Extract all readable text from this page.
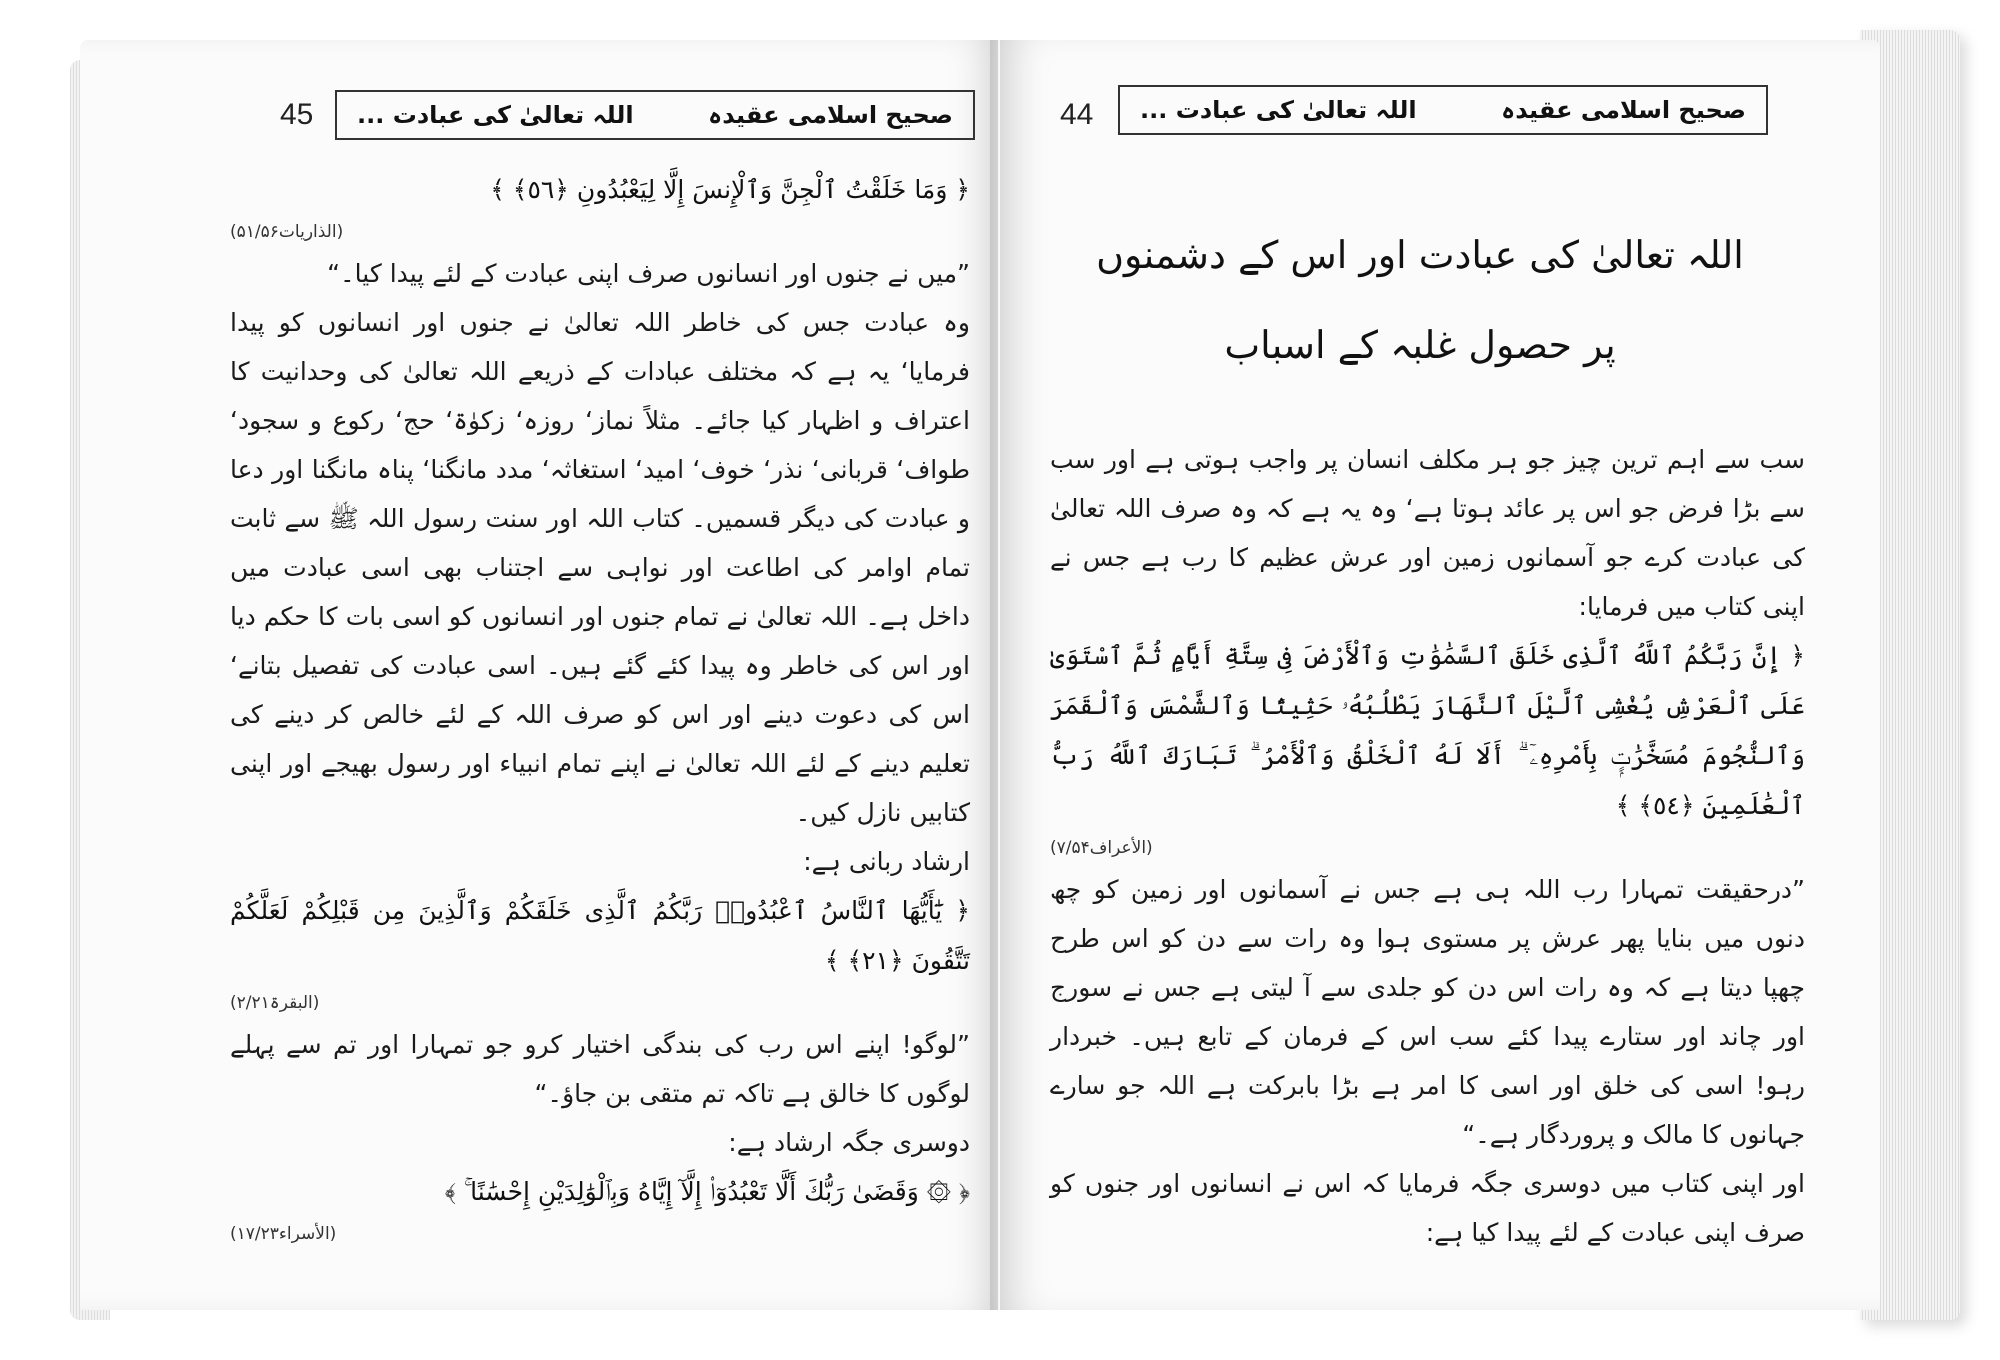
45 اللہ تعالیٰ کی عبادت ...	صحیح اسلامی عقیدہ

﴿ وَمَا خَلَقْتُ ٱلْجِنَّ وَٱلْإِنسَ إِلَّا لِيَعْبُدُونِ ﴿٥٦﴾ ﴾

(الذاریات۵۱/۵۶)

”میں نے جنوں اور انسانوں صرف اپنی عبادت کے لئے پیدا کیا۔“

وہ عبادت جس کی خاطر اللہ تعالیٰ نے جنوں اور انسانوں کو پیدا فرمایا‘ یہ ہے کہ مختلف عبادات کے ذریعے اللہ تعالیٰ کی وحدانیت کا اعتراف و اظہار کیا جائے۔ مثلاً نماز‘ روزہ‘ زکوٰۃ‘ حج‘ رکوع و سجود‘ طواف‘ قربانی‘ نذر‘ خوف‘ امید‘ استغاثہ‘ مدد مانگنا‘ پناہ مانگنا اور دعا و عبادت کی دیگر قسمیں۔ کتاب اللہ اور سنت رسول اللہ ﷺ سے ثابت تمام اوامر کی اطاعت اور نواہی سے اجتناب بھی اسی عبادت میں داخل ہے۔ اللہ تعالیٰ نے تمام جنوں اور انسانوں کو اسی بات کا حکم دیا اور اس کی خاطر وہ پیدا کئے گئے ہیں۔ اسی عبادت کی تفصیل بتانے‘ اس کی دعوت دینے اور اس کو صرف اللہ کے لئے خالص کر دینے کی تعلیم دینے کے لئے اللہ تعالیٰ نے اپنے تمام انبیاء اور رسول بھیجے اور اپنی کتابیں نازل کیں۔

ارشاد ربانی ہے:

﴿ يَٰٓأَيُّهَا ٱلنَّاسُ ٱعْبُدُوا۟ رَبَّكُمُ ٱلَّذِى خَلَقَكُمْ وَٱلَّذِينَ مِن قَبْلِكُمْ لَعَلَّكُمْ تَتَّقُونَ ﴿٢١﴾ ﴾

(البقرۃ۲/۲۱)

”لوگو! اپنے اس رب کی بندگی اختیار کرو جو تمہارا اور تم سے پہلے لوگوں کا خالق ہے تاکہ تم متقی بن جاؤ۔“

دوسری جگہ ارشاد ہے:

﴿ ۞ وَقَضَىٰ رَبُّكَ أَلَّا تَعْبُدُوٓا۟ إِلَّآ إِيَّاهُ وَبِٱلْوَٰلِدَيْنِ إِحْسَٰنًا ۚ ﴾

(الأسراء۱۷/۲۳)

44 اللہ تعالیٰ کی عبادت ...	صحیح اسلامی عقیدہ
اللہ تعالیٰ کی عبادت اور اس کے دشمنوں
پر حصول غلبہ کے اسباب

سب سے اہم ترین چیز جو ہر مکلف انسان پر واجب ہوتی ہے اور سب سے بڑا فرض جو اس پر عائد ہوتا ہے‘ وہ یہ ہے کہ وہ صرف اللہ تعالیٰ کی عبادت کرے جو آسمانوں زمین اور عرش عظیم کا رب ہے جس نے اپنی کتاب میں فرمایا:

﴿ إِنَّ رَبَّكُمُ ٱللَّهُ ٱلَّذِى خَلَقَ ٱلسَّمَٰوَٰتِ وَٱلْأَرْضَ فِى سِتَّةِ أَيَّامٍ ثُمَّ ٱسْتَوَىٰ عَلَى ٱلْعَرْشِ يُغْشِى ٱلَّيْلَ ٱلنَّهَارَ يَطْلُبُهُۥ حَثِيثًا وَٱلشَّمْسَ وَٱلْقَمَرَ وَٱلنُّجُومَ مُسَخَّرَٰتٍۭ بِأَمْرِهِۦٓ ۗ أَلَا لَهُ ٱلْخَلْقُ وَٱلْأَمْرُ ۗ تَبَارَكَ ٱللَّهُ رَبُّ ٱلْعَٰلَمِينَ ﴿٥٤﴾ ﴾

(الأعراف۷/۵۴)

”درحقیقت تمہارا رب اللہ ہی ہے جس نے آسمانوں اور زمین کو چھ دنوں میں بنایا پھر عرش پر مستوی ہوا وہ رات سے دن کو اس طرح چھپا دیتا ہے کہ وہ رات اس دن کو جلدی سے آ لیتی ہے جس نے سورج اور چاند اور ستارے پیدا کئے سب اس کے فرمان کے تابع ہیں۔ خبردار رہو! اسی کی خلق اور اسی کا امر ہے بڑا بابرکت ہے اللہ جو سارے جہانوں کا مالک و پروردگار ہے۔“

اور اپنی کتاب میں دوسری جگہ فرمایا کہ اس نے انسانوں اور جنوں کو صرف اپنی عبادت کے لئے پیدا کیا ہے:
